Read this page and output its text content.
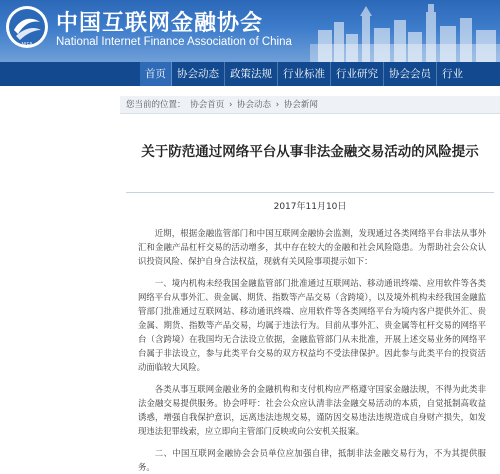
NIFA
中国互联网金融协会
National Internet Finance Association of China
首页	协会动态	政策法规	行业标准	行业研究	协会会员	行业
您当前的位置： 协会首页 › 协会动态 › 协会新闻
关于防范通过网络平台从事非法金融交易活动的风险提示
2017年11月10日

近期，根据金融监管部门和中国互联网金融协会监测，发现通过各类网络平台非法从事外汇和金融产品杠杆交易的活动增多，其中存在较大的金融和社会风险隐患。为帮助社会公众认识投资风险、保护自身合法权益，现就有关风险事项提示如下：

一、境内机构未经我国金融监管部门批准通过互联网站、移动通讯终端、应用软件等各类网络平台从事外汇、贵金属、期货、指数等产品交易（含跨境），以及境外机构未经我国金融监管部门批准通过互联网站、移动通讯终端、应用软件等各类网络平台为境内客户提供外汇、贵金属、期货、指数等产品交易，均属于违法行为。目前从事外汇、贵金属等杠杆交易的网络平台（含跨境）在我国均无合法设立依据，金融监管部门从未批准，开展上述交易业务的网络平台属于非法设立，参与此类平台交易的双方权益均不受法律保护。因此参与此类平台的投资活动面临较大风险。

各类从事互联网金融业务的金融机构和支付机构应严格遵守国家金融法规，不得为此类非法金融交易提供服务。协会呼吁：社会公众应认清非法金融交易活动的本质，自觉抵制高收益诱惑，增强自我保护意识，远离违法违规交易，谨防因交易违法违规造成自身财产损失，如发现违法犯罪线索，应立即向主管部门反映或向公安机关报案。

二、中国互联网金融协会会员单位应加强自律，抵制非法金融交易行为，不为其提供服务。
